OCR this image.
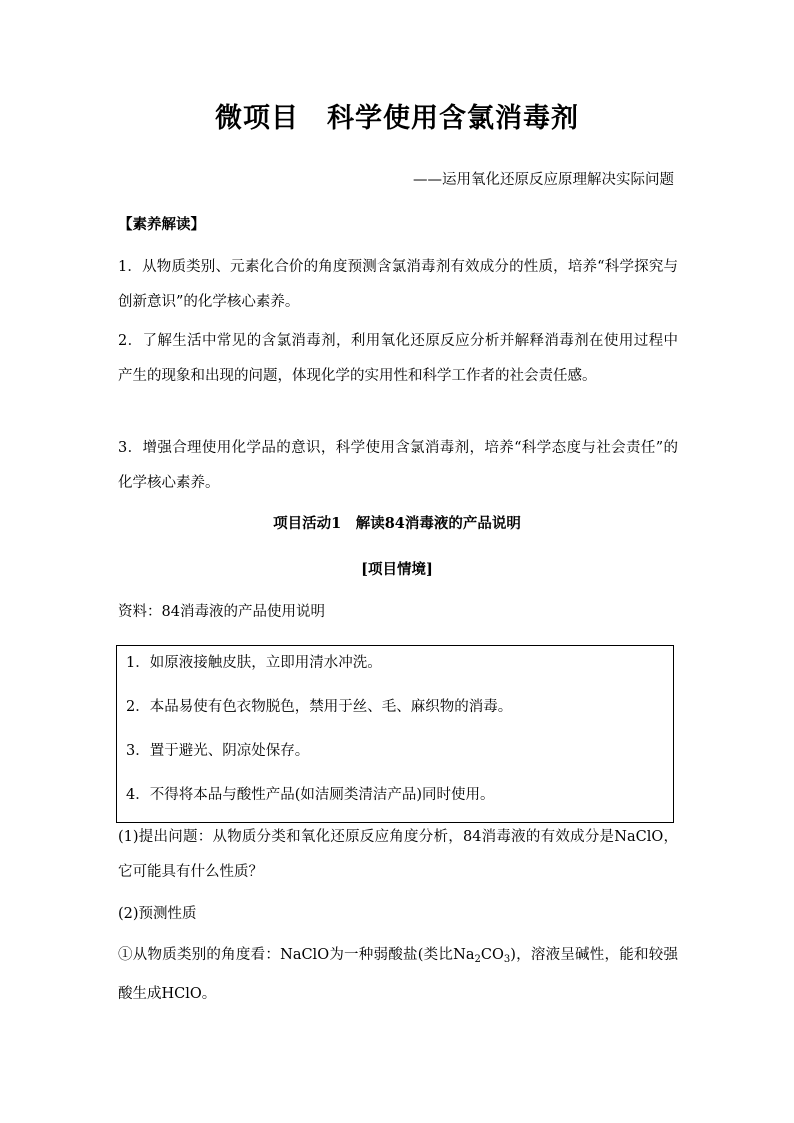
微项目　科学使用含氯消毒剂
——运用氧化还原反应原理解决实际问题
【素养解读】
1．从物质类别、元素化合价的角度预测含氯消毒剂有效成分的性质，培养“科学探究与创新意识”的化学核心素养。
2．了解生活中常见的含氯消毒剂，利用氧化还原反应分析并解释消毒剂在使用过程中产生的现象和出现的问题，体现化学的实用性和科学工作者的社会责任感。
3．增强合理使用化学品的意识，科学使用含氯消毒剂，培养“科学态度与社会责任”的化学核心素养。
项目活动1　解读84消毒液的产品说明
[项目情境]
资料：84消毒液的产品使用说明
1．如原液接触皮肤，立即用清水冲洗。
2．本品易使有色衣物脱色，禁用于丝、毛、麻织物的消毒。
3．置于避光、阴凉处保存。
4．不得将本品与酸性产品(如洁厕类清洁产品)同时使用。
(1)提出问题：从物质分类和氧化还原反应角度分析，84消毒液的有效成分是NaClO，它可能具有什么性质？
(2)预测性质
①从物质类别的角度看：NaClO为一种弱酸盐(类比$Na_2CO_3$)，溶液呈碱性，能和较强酸生成HClO。
